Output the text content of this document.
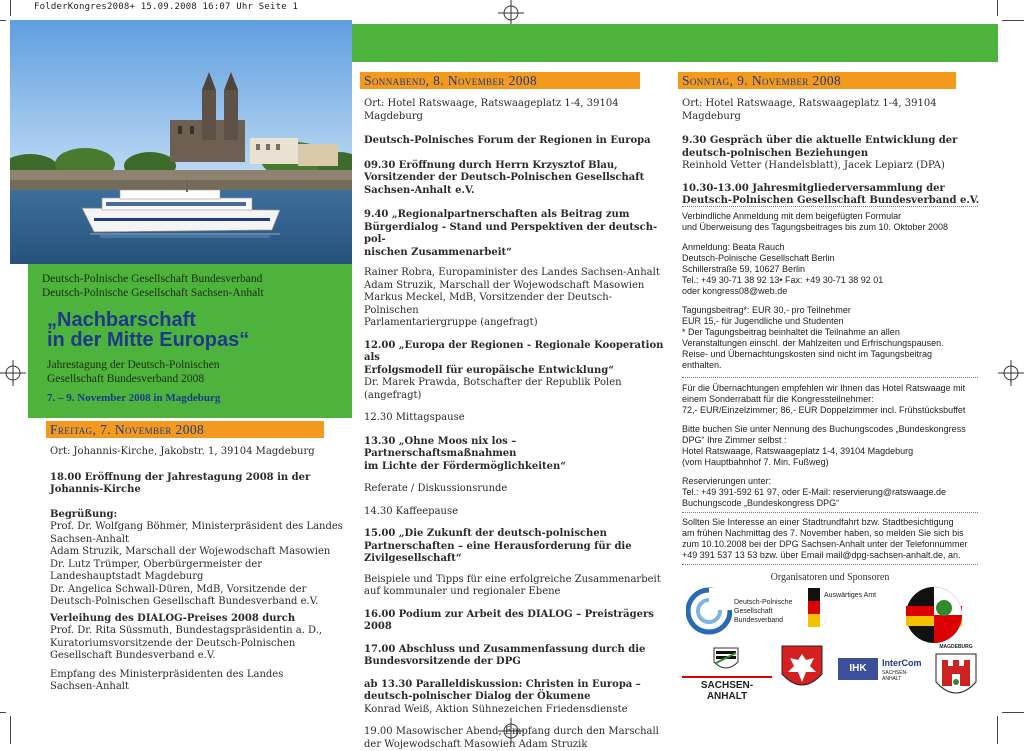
FolderKongres2008+ 15.09.2008 16:07 Uhr Seite 1
Deutsch-Polnische Gesellschaft Bundesverband
Deutsch-Polnische Gesellschaft Sachsen-Anhalt
„Nachbarschaft
in der Mitte Europas“
Jahrestagung der Deutsch-Polnischen
Gesellschaft Bundesverband 2008
7. – 9. November 2008 in Magdeburg
Freitag, 7. November 2008
Ort: Johannis-Kirche, Jakobstr. 1, 39104 Magdeburg
18.00 Eröffnung der Jahrestagung 2008 in der
Johannis-Kirche
Begrüßung:
Prof. Dr. Wolfgang Böhmer, Ministerpräsident des Landes
Sachsen-Anhalt
Adam Struzik, Marschall der Wojewodschaft Masowien
Dr. Lutz Trümper, Oberbürgermeister der
Landeshauptstadt Magdeburg
Dr. Angelica Schwall-Düren, MdB, Vorsitzende der
Deutsch-Polnischen Gesellschaft Bundesverband e.V.
Verleihung des DIALOG-Preises 2008 durch
Prof. Dr. Rita Süssmuth, Bundestagspräsidentin a. D.,
Kuratoriumsvorsitzende der Deutsch-Polnischen
Gesellschaft Bundesverband e.V.
Empfang des Ministerpräsidenten des Landes
Sachsen-Anhalt
Sonnabend, 8. November 2008
Ort: Hotel Ratswaage, Ratswaageplatz 1-4, 39104 Magdeburg
Deutsch-Polnisches Forum der Regionen in Europa
09.30 Eröffnung durch Herrn Krzysztof Blau,
Vorsitzender der Deutsch-Polnischen Gesellschaft
Sachsen-Anhalt e.V.
9.40 „Regionalpartnerschaften als Beitrag zum
Bürgerdialog - Stand und Perspektiven der deutsch-pol-
nischen Zusammenarbeit“
Rainer Robra, Europaminister des Landes Sachsen-Anhalt
Adam Struzik, Marschall der Wojewodschaft Masowien
Markus Meckel, MdB, Vorsitzender der Deutsch-Polnischen
Parlamentariergruppe (angefragt)
12.00 „Europa der Regionen - Regionale Kooperation als
Erfolgsmodell für europäische Entwicklung“
Dr. Marek Prawda, Botschafter der Republik Polen (angefragt)
12.30 Mittagspause
13.30 „Ohne Moos nix los – Partnerschaftsmaßnahmen
im Lichte der Fördermöglichkeiten“
Referate / Diskussionsrunde
14.30 Kaffeepause
15.00 „Die Zukunft der deutsch-polnischen
Partnerschaften – eine Herausforderung für die
Zivilgesellschaft“
Beispiele und Tipps für eine erfolgreiche Zusammenarbeit
auf kommunaler und regionaler Ebene
16.00 Podium zur Arbeit des DIALOG – Preisträgers 2008
17.00 Abschluss und Zusammenfassung durch die
Bundesvorsitzende der DPG
ab 13.30 Paralleldiskussion: Christen in Europa –
deutsch-polnischer Dialog der Ökumene
Konrad Weiß, Aktion Sühnezeichen Friedensdienste
19.00 Masowischer Abend, Empfang durch den Marschall
der Wojewodschaft Masowien Adam Struzik
Sonntag, 9. November 2008
Ort: Hotel Ratswaage, Ratswaageplatz 1-4, 39104 Magdeburg
9.30 Gespräch über die aktuelle Entwicklung der
deutsch-polnischen Beziehungen
Reinhold Vetter (Handelsblatt), Jacek Lepiarz (DPA)
10.30-13.00 Jahresmitgliederversammlung der
Deutsch-Polnischen Gesellschaft Bundesverband e.V.
Verbindliche Anmeldung mit dem beigefügten Formular
und Überweisung des Tagungsbeitrages bis zum 10. Oktober 2008
Anmeldung: Beata Rauch
Deutsch-Polnische Gesellschaft Berlin
Schillerstraße 59, 10627 Berlin
Tel.: +49 30-71 38 92 13• Fax: +49 30-71 38 92 01
oder kongress08@web.de
Tagungsbeitrag*: EUR 30,- pro Teilnehmer
EUR 15,- für Jugendliche und Studenten
* Der Tagungsbeitrag beinhaltet die Teilnahme an allen
Veranstaltungen einschl. der Mahlzeiten und Erfrischungspausen.
Reise- und Übernachtungskosten sind nicht im Tagungsbeitrag
enthalten.
Für die Übernachtungen empfehlen wir Ihnen das Hotel Ratswaage mit
einem Sonderrabatt für die Kongressteilnehmer:
72,- EUR/Einzelzimmer; 86,- EUR Doppelzimmer incl. Frühstücksbuffet
Bitte buchen Sie unter Nennung des Buchungscodes „Bundeskongress
DPG“ Ihre Zimmer selbst :
Hotel Ratswaage, Ratswaageplatz 1-4, 39104 Magdeburg
(vom Hauptbahnhof 7. Min. Fußweg)
Reservierungen unter:
Tel.: +49 391-592 61 97, oder E-Mail: reservierung@ratswaage.de
Buchungscode „Bundeskongress DPG“
Sollten Sie Interesse an einer Stadtrundfahrt bzw. Stadtbesichtigung
am frühen Nachmittag des 7. November haben, so melden Sie sich bis
zum 10.10.2008 bei der DPG Sachsen-Anhalt unter der Telefonnummer
+49 391 537 13 53 bzw. über Email mail@dpg-sachsen-anhalt.de, an.
Organisatoren und Sponsoren
Deutsch-Polnische
Gesellschaft
Bundesverband
Auswärtiges Amt
SACHSEN-ANHALT
IHK	InterCom
SACHSEN-ANHALT
MAGDEBURG
